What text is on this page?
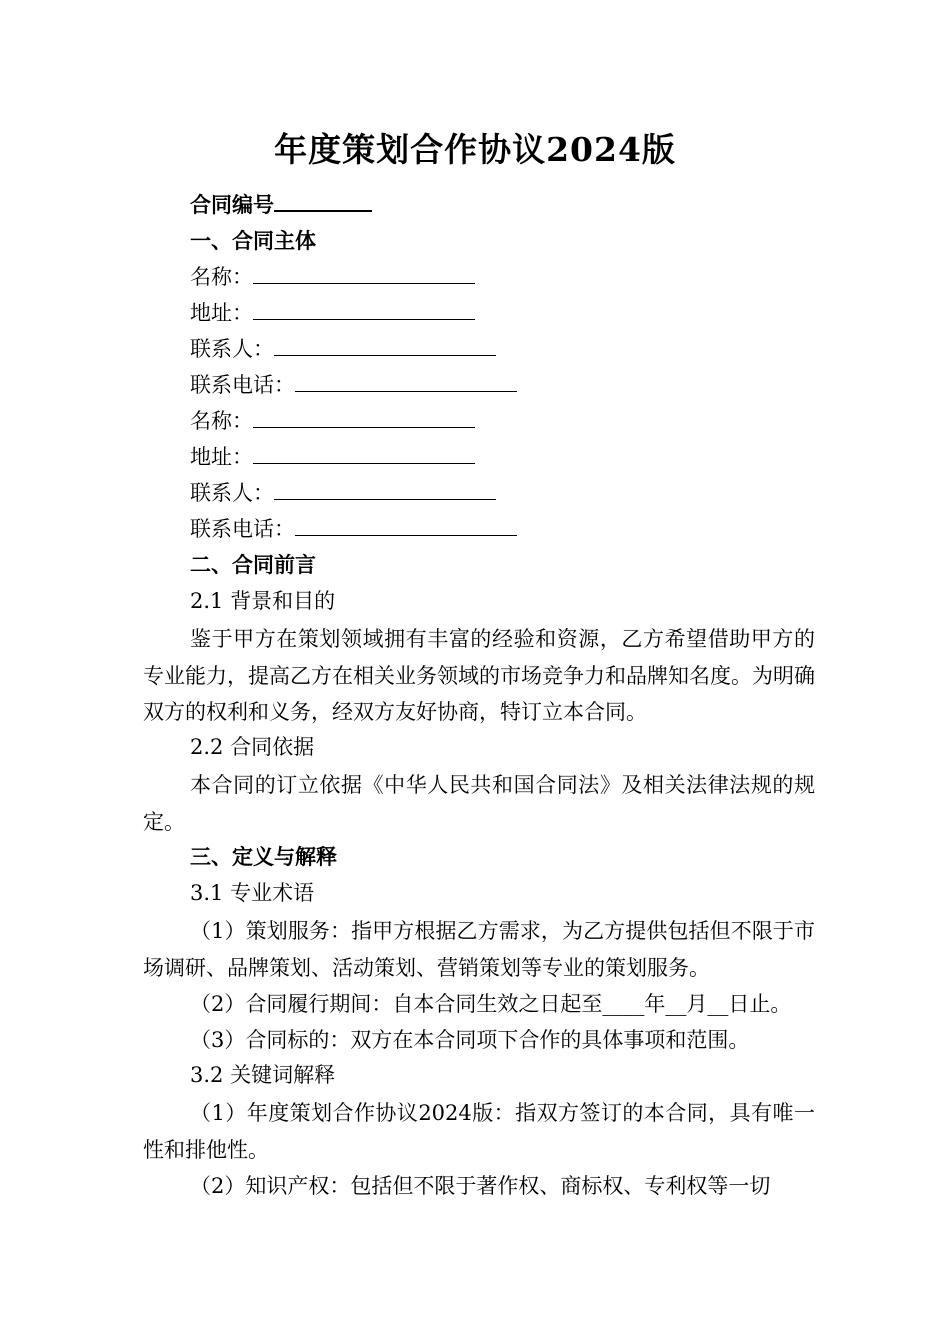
年度策划合作协议2024版
合同编号
一、合同主体
名称：
地址：
联系人：
联系电话：
名称：
地址：
联系人：
联系电话：
二、合同前言
2.1 背景和目的
鉴于甲方在策划领域拥有丰富的经验和资源，乙方希望借助甲方的专业能力，提高乙方在相关业务领域的市场竞争力和品牌知名度。为明确双方的权利和义务，经双方友好协商，特订立本合同。
2.2 合同依据
本合同的订立依据《中华人民共和国合同法》及相关法律法规的规定。
三、定义与解释
3.1 专业术语
（1）策划服务：指甲方根据乙方需求，为乙方提供包括但不限于市场调研、品牌策划、活动策划、营销策划等专业的策划服务。
（2）合同履行期间：自本合同生效之日起至____年__月__日止。
（3）合同标的：双方在本合同项下合作的具体事项和范围。
3.2 关键词解释
（1）年度策划合作协议2024版：指双方签订的本合同，具有唯一性和排他性。
（2）知识产权：包括但不限于著作权、商标权、专利权等一切
